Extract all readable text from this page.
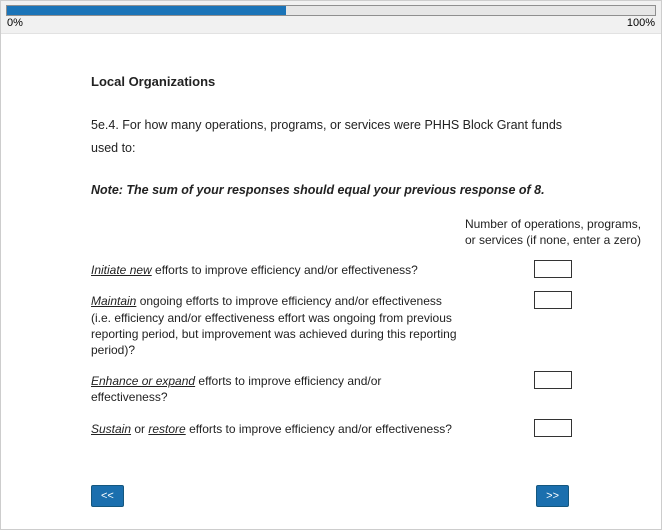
0%	100%
Local Organizations
5e.4. For how many operations, programs, or services were PHHS Block Grant funds used to:
Note: The sum of your responses should equal your previous response of 8.
Number of operations, programs, or services (if none, enter a zero)
Initiate new efforts to improve efficiency and/or effectiveness?
Maintain ongoing efforts to improve efficiency and/or effectiveness (i.e. efficiency and/or effectiveness effort was ongoing from previous reporting period, but improvement was achieved during this reporting period)?
Enhance or expand efforts to improve efficiency and/or effectiveness?
Sustain or restore efforts to improve efficiency and/or effectiveness?
<<	>>
